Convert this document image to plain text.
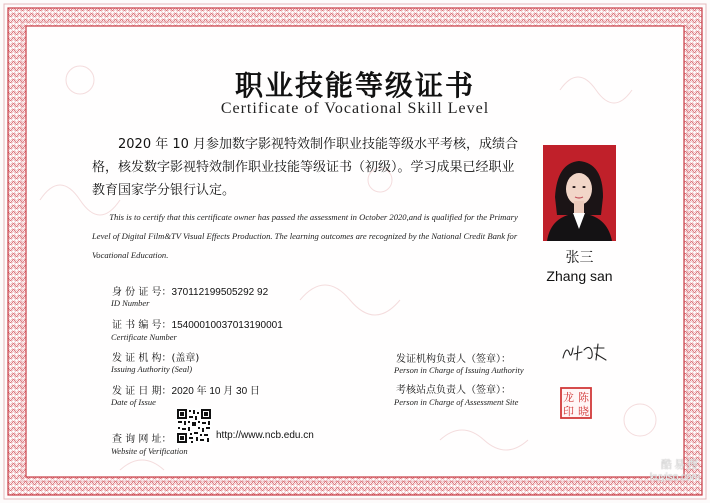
职业技能等级证书
Certificate of Vocational Skill Level
2020 年 10 月参加数字影视特效制作职业技能等级水平考核，成绩合格，核发数字影视特效制作职业技能等级证书（初级）。学习成果已经职业教育国家学分银行认定。
This is to certify that this certificate owner has passed the assessment in October 2020,and is qualified for the Primary Level of Digital Film&TV Visual Effects Production. The learning outcomes are recognized by the National Credit Bank for Vocational Education.	张三
Zhang san
身 份 证 号：370112199505292 92
ID Number
证 书 编 号：15400010037013190001
Certificate Number
发 证 机 构：(盖章)
Issuing Authority (Seal)
发 证 日 期：2020 年 10 月 30 日
Date of Issue
查 询 网 址：	http://www.ncb.edu.cn
Website of Verification
发证机构负责人（签章）：
Person in Charge of Issuing Authority
考核站点负责人（签章）：
Person in Charge of Assessment Site	龙 陈
印 晓
酷易搜
kuyiso.com
